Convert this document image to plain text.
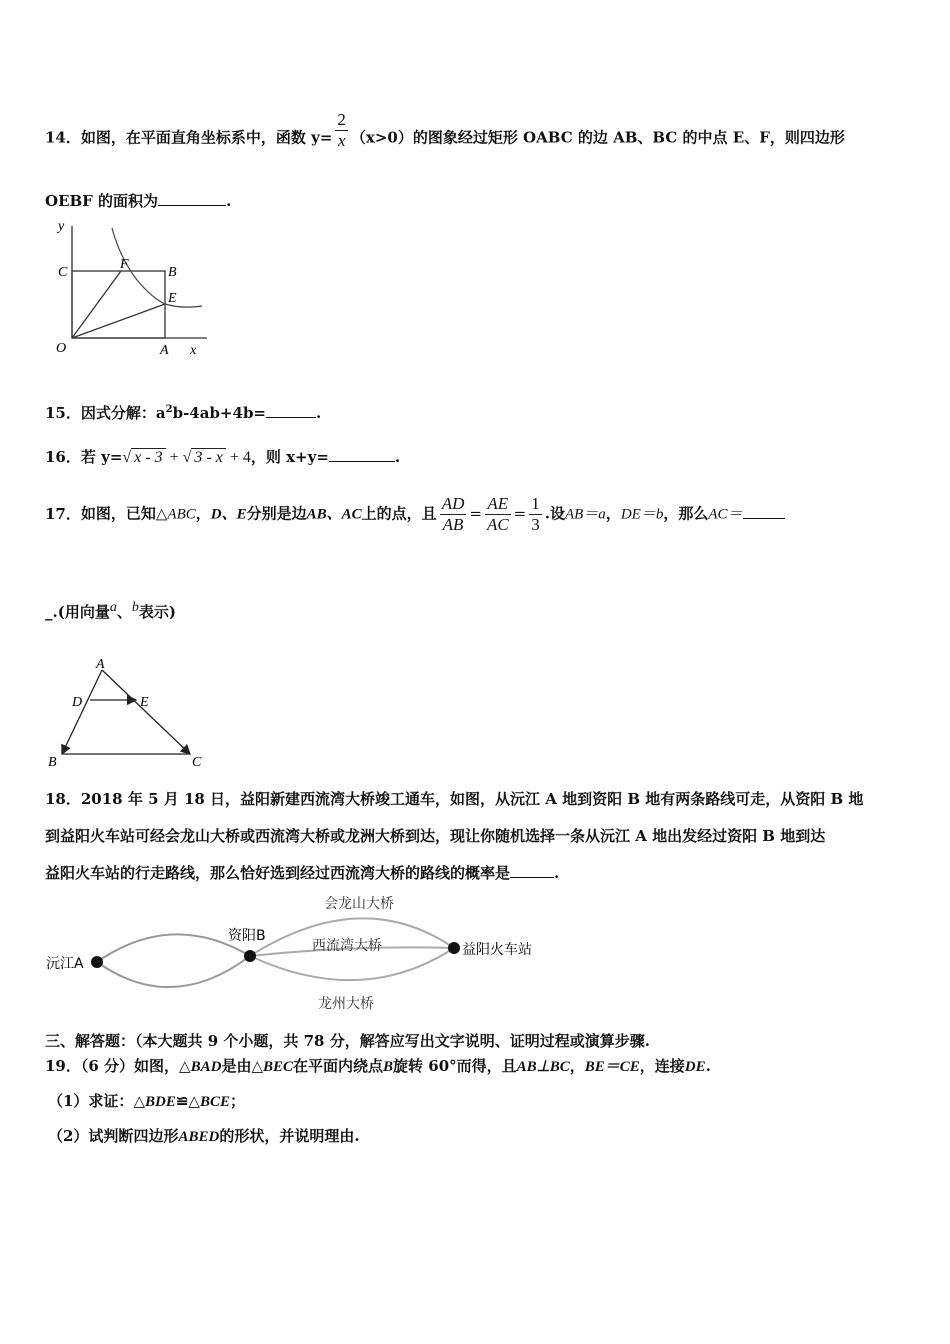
14．如图，在平面直角坐标系中，函数 $y= \frac{2}{x} (x>0)$的图象经过矩形 OABC 的边 AB、BC 的中点 E、F，则四边形
OEBF 的面积为	.
y
x
O	A
B
C
E
F
15．因式分解：$a^2b-4ab+4b=$	.
16．若 y=√ x - 3 + √ 3 - x + 4，则 x+y=	.
17．如图，已知△ABC，D、E分别是边AB、AC上的点，且 $\frac{AD}{AB} = \frac{AE}{AC} = \frac{1}{3}$ .设AB＝a，DE＝b，那么AC＝
_.(用向量$^a$、$^b$表示)
A
D	E
B	C
18．2018 年 5 月 18 日，益阳新建西流湾大桥竣工通车，如图，从沅江 A 地到资阳 B 地有两条路线可走，从资阳 B 地
到益阳火车站可经会龙山大桥或西流湾大桥或龙洲大桥到达，现让你随机选择一条从沅江 A 地出发经过资阳 B 地到达
益阳火车站的行走路线，那么恰好选到经过西流湾大桥的路线的概率是	.
沅江A
资阳B
益阳火车站
会龙山大桥
西流湾大桥
龙州大桥
三、解答题：（本大题共 9 个小题，共 78 分，解答应写出文字说明、证明过程或演算步骤.
19．（6 分）如图，△BAD是由△BEC在平面内绕点B旋转 60°而得，且AB⊥BC，BE＝CE，连接DE.
（1）求证：△BDE≌△BCE；
（2）试判断四边形ABED的形状，并说明理由.
